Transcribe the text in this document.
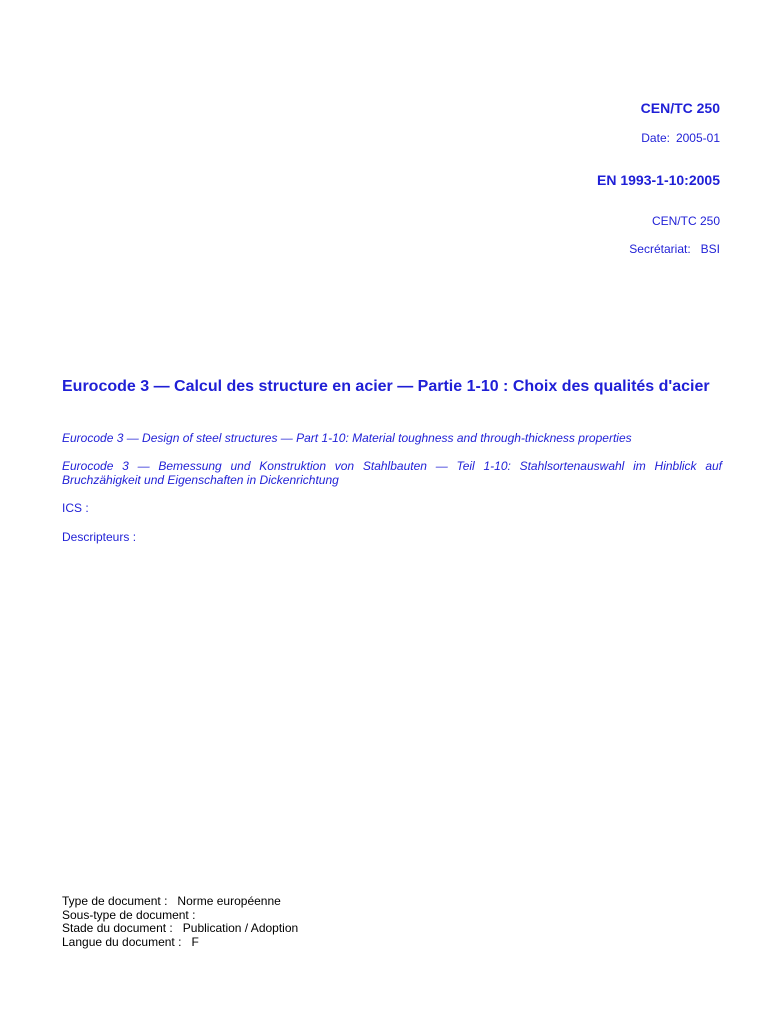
CEN/TC 250
Date: 2005-01
EN 1993-1-10:2005
CEN/TC 250
Secrétariat: BSI
Eurocode 3 — Calcul des structure en acier — Partie 1-10 : Choix des qualités d'acier
Eurocode 3 — Design of steel structures — Part 1-10: Material toughness and through-thickness properties
Eurocode 3 — Bemessung und Konstruktion von Stahlbauten — Teil 1-10: Stahlsortenauswahl im Hinblick auf Bruchzähigkeit und Eigenschaften in Dickenrichtung
ICS :
Descripteurs :
Type de document : Norme européenne
Sous-type de document :
Stade du document : Publication / Adoption
Langue du document : F
